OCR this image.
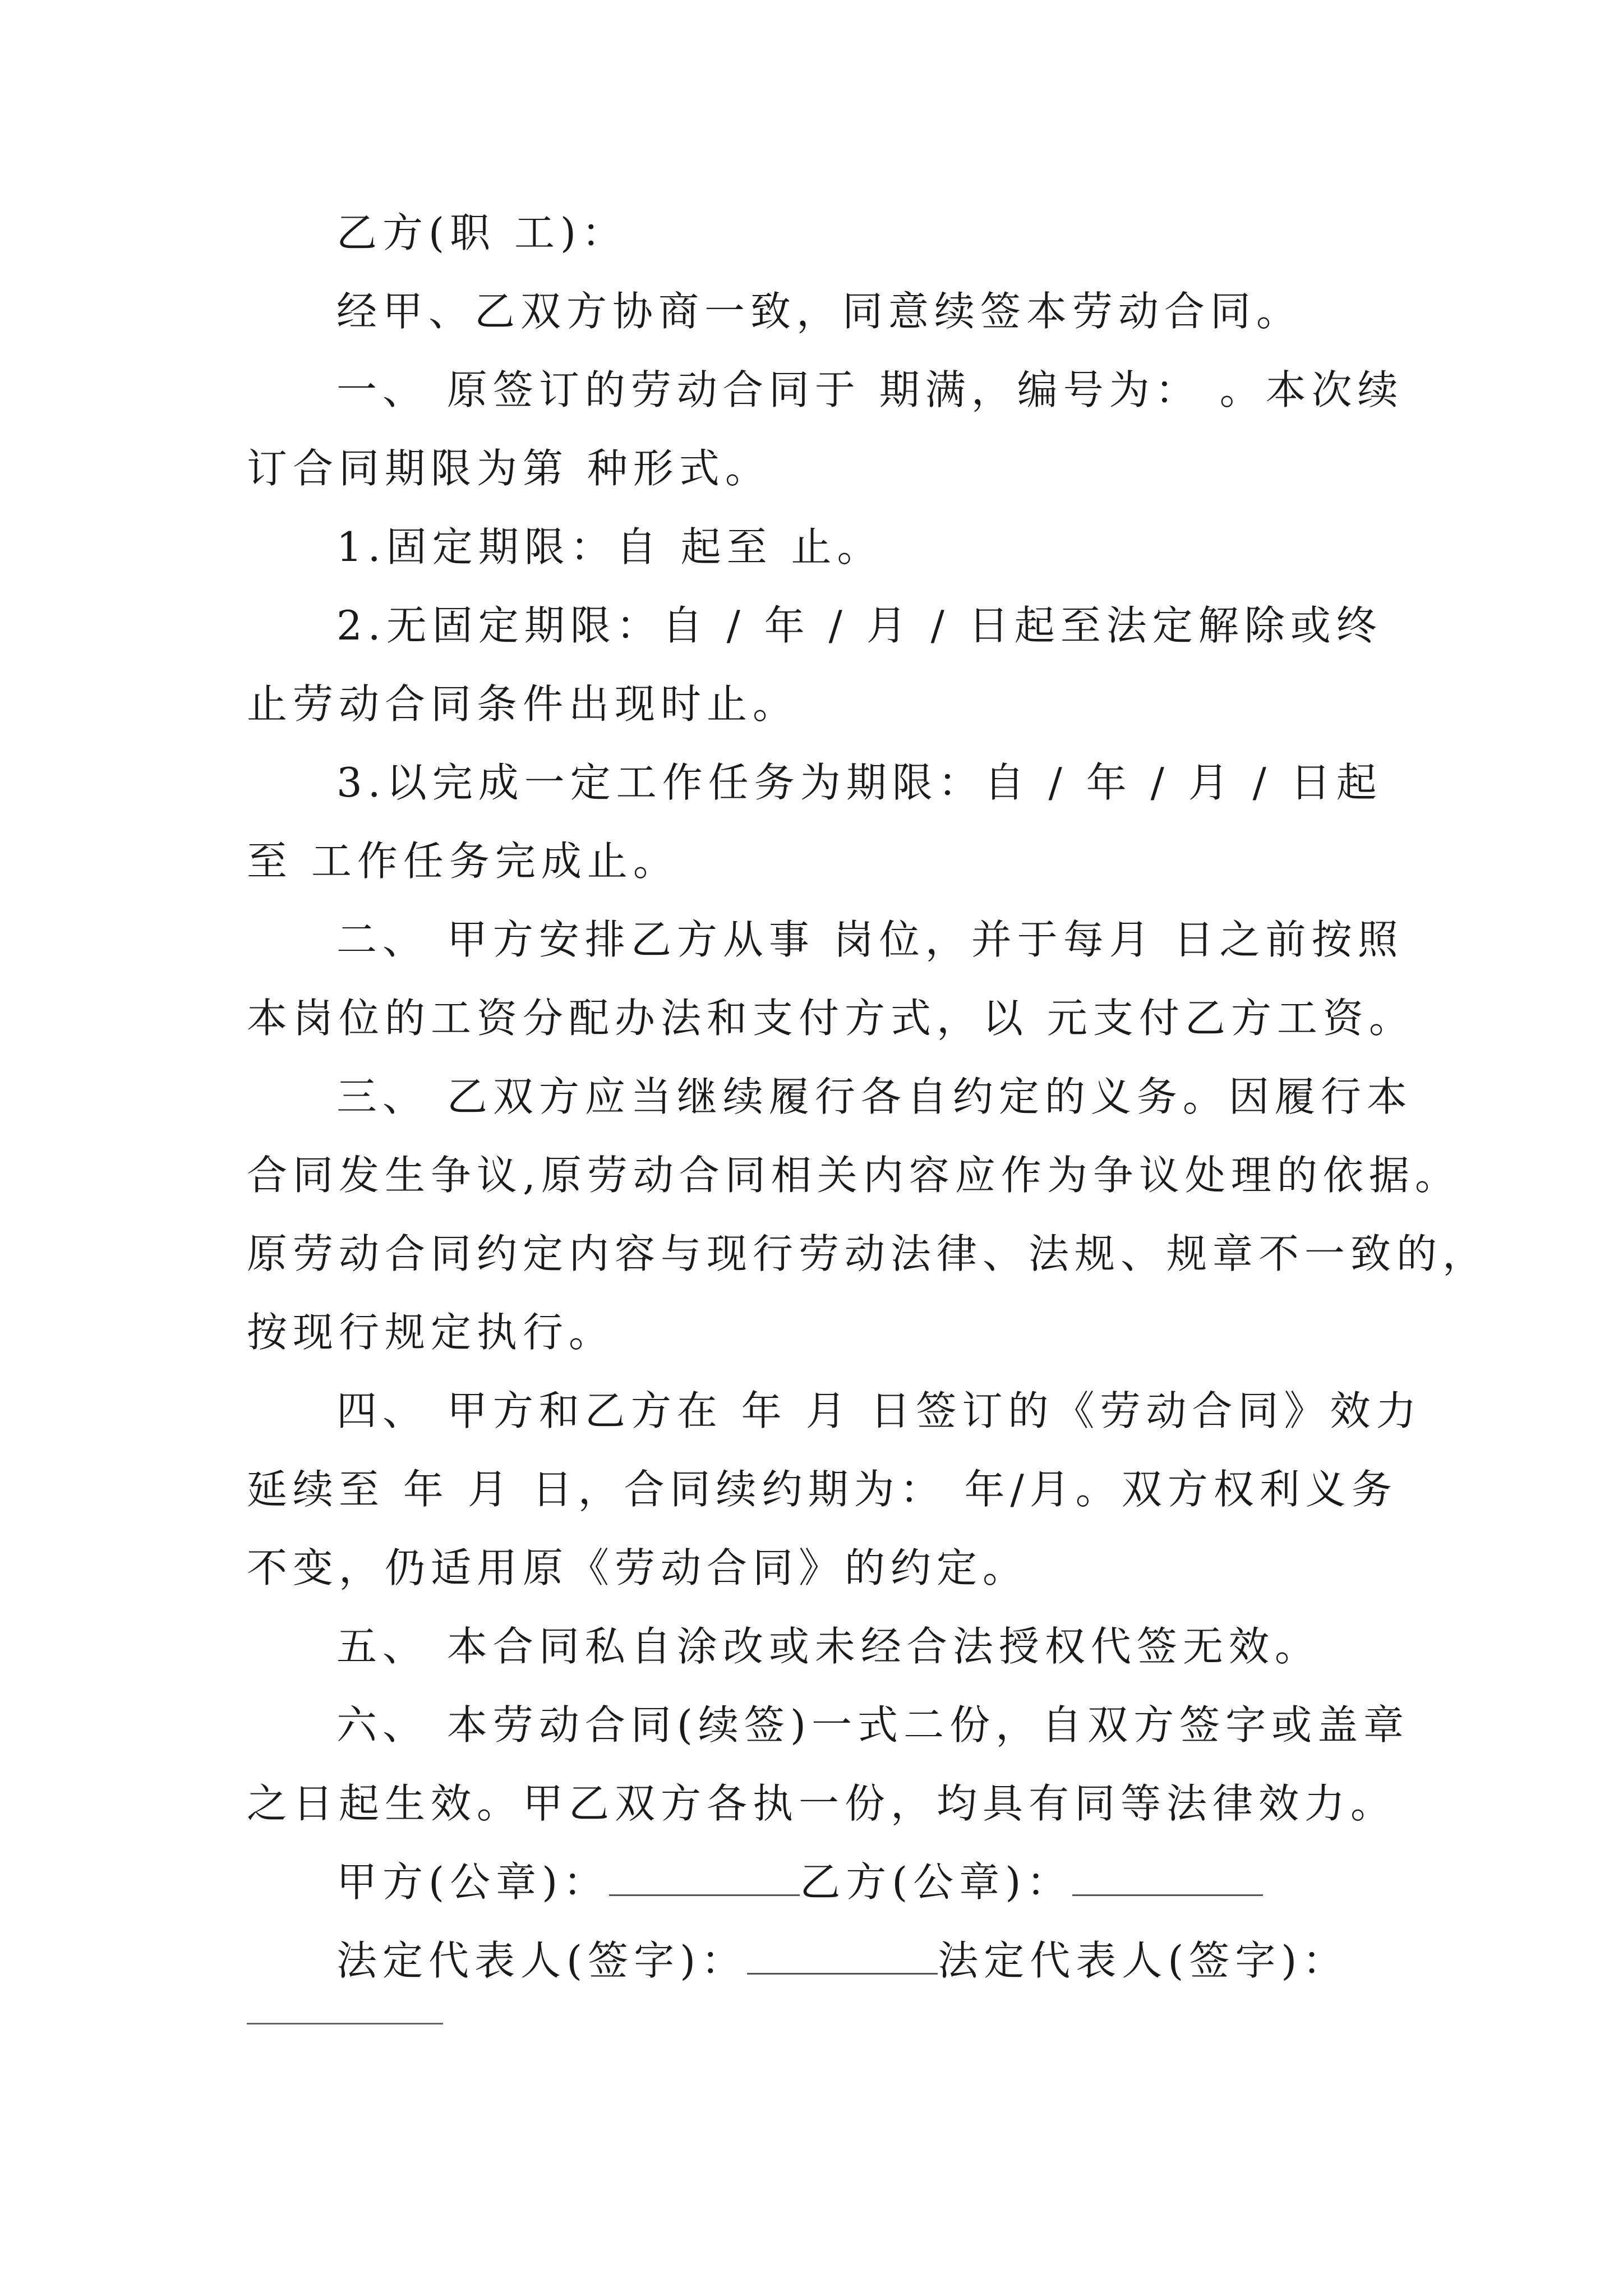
乙方(职 工)：
经甲、乙双方协商一致，同意续签本劳动合同。
一、 原签订的劳动合同于 期满，编号为： 。本次续
订合同期限为第 种形式。
1.固定期限：自 起至 止。
2.无固定期限：自 / 年 / 月 / 日起至法定解除或终
止劳动合同条件出现时止。
3.以完成一定工作任务为期限：自 / 年 / 月 / 日起
至 工作任务完成止。
二、 甲方安排乙方从事 岗位，并于每月 日之前按照
本岗位的工资分配办法和支付方式，以 元支付乙方工资。
三、 乙双方应当继续履行各自约定的义务。因履行本
合同发生争议,原劳动合同相关内容应作为争议处理的依据。
原劳动合同约定内容与现行劳动法律、法规、规章不一致的，
按现行规定执行。
四、 甲方和乙方在 年 月 日签订的《劳动合同》效力
延续至 年 月 日，合同续约期为： 年/月。双方权利义务
不变，仍适用原《劳动合同》的约定。
五、 本合同私自涂改或未经合法授权代签无效。
六、 本劳动合同(续签)一式二份，自双方签字或盖章
之日起生效。甲乙双方各执一份，均具有同等法律效力。
甲方(公章)：	乙方(公章)：
法定代表人(签字)：	法定代表人(签字)：
